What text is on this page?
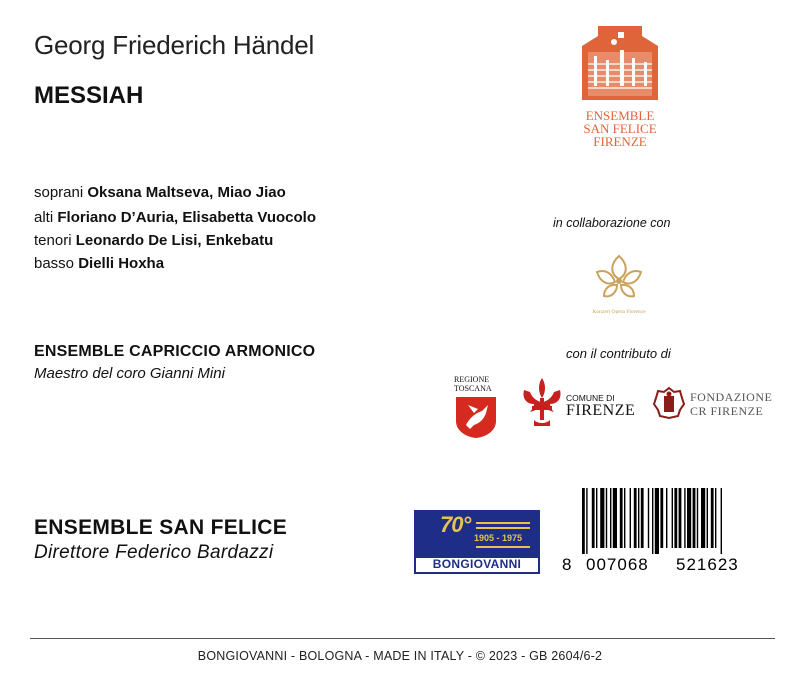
Georg Friederich Händel
MESSIAH
soprani Oksana Maltseva, Miao Jiao
alti Floriano D’Auria, Elisabetta Vuocolo
tenori Leonardo De Lisi, Enkebatu
basso Dielli Hoxha
ENSEMBLE CAPRICCIO ARMONICO
Maestro del coro Gianni Mini
ENSEMBLE SAN FELICE
Direttore Federico Bardazzi
ENSEMBLE
SAN FELICE
FIRENZE
in collaborazione con
Konzert Opera Florence
con il contributo di
REGIONE
TOSCANA
COMUNE DI
FIRENZE
FONDAZIONE
CR FIRENZE
70°
1905 - 1975
BONGIOVANNI	8 007068 521623
BONGIOVANNI - BOLOGNA - MADE IN ITALY - © 2023 - GB 2604/6-2
